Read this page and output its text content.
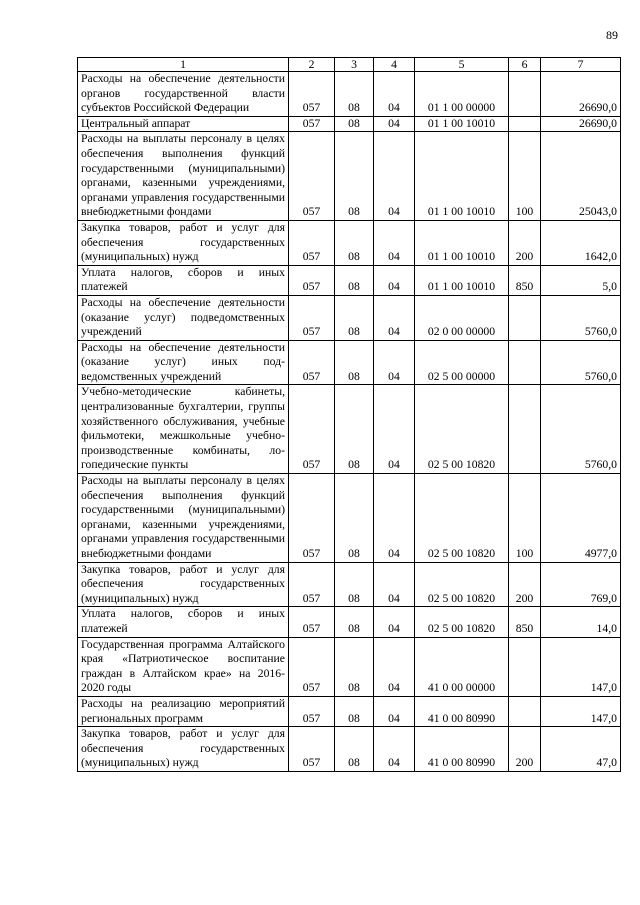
89
1	2	3	4	5	6	7
Расходы на обеспечение деятельности органов государственной власти субъектов Российской Федерации	057	08	04	01 1 00 00000		26690,0
Центральный аппарат	057	08	04	01 1 00 10010		26690,0
Расходы на выплаты персоналу в целях обеспечения выполнения функций государственными (муниципальными) органами, казенными учреждениями, органами управления государственными внебюджетными фондами	057	08	04	01 1 00 10010	100	25043,0
Закупка товаров, работ и услуг для обеспечения государственных (муниципальных) нужд	057	08	04	01 1 00 10010	200	1642,0
Уплата налогов, сборов и иных платежей	057	08	04	01 1 00 10010	850	5,0
Расходы на обеспечение деятельности (оказание услуг) подведомственных учреждений	057	08	04	02 0 00 00000		5760,0
Расходы на обеспечение деятельности (оказание услуг) иных подведомственных учреждений	057	08	04	02 5 00 00000		5760,0
Учебно-методические кабинеты, централизованные бухгалтерии, группы хозяйственного обслуживания, учебные фильмотеки, межшкольные учебно-производственные комбинаты, логопедические пункты	057	08	04	02 5 00 10820		5760,0
Расходы на выплаты персоналу в целях обеспечения выполнения функций государственными (муниципальными) органами, казенными учреждениями, органами управления государственными внебюджетными фондами	057	08	04	02 5 00 10820	100	4977,0
Закупка товаров, работ и услуг для обеспечения государственных (муниципальных) нужд	057	08	04	02 5 00 10820	200	769,0
Уплата налогов, сборов и иных платежей	057	08	04	02 5 00 10820	850	14,0
Государственная программа Алтайского края «Патриотическое воспитание граждан в Алтайском крае» на 2016-2020 годы	057	08	04	41 0 00 00000		147,0
Расходы на реализацию мероприятий региональных программ	057	08	04	41 0 00 80990		147,0
Закупка товаров, работ и услуг для обеспечения государственных (муниципальных) нужд	057	08	04	41 0 00 80990	200	47,0
